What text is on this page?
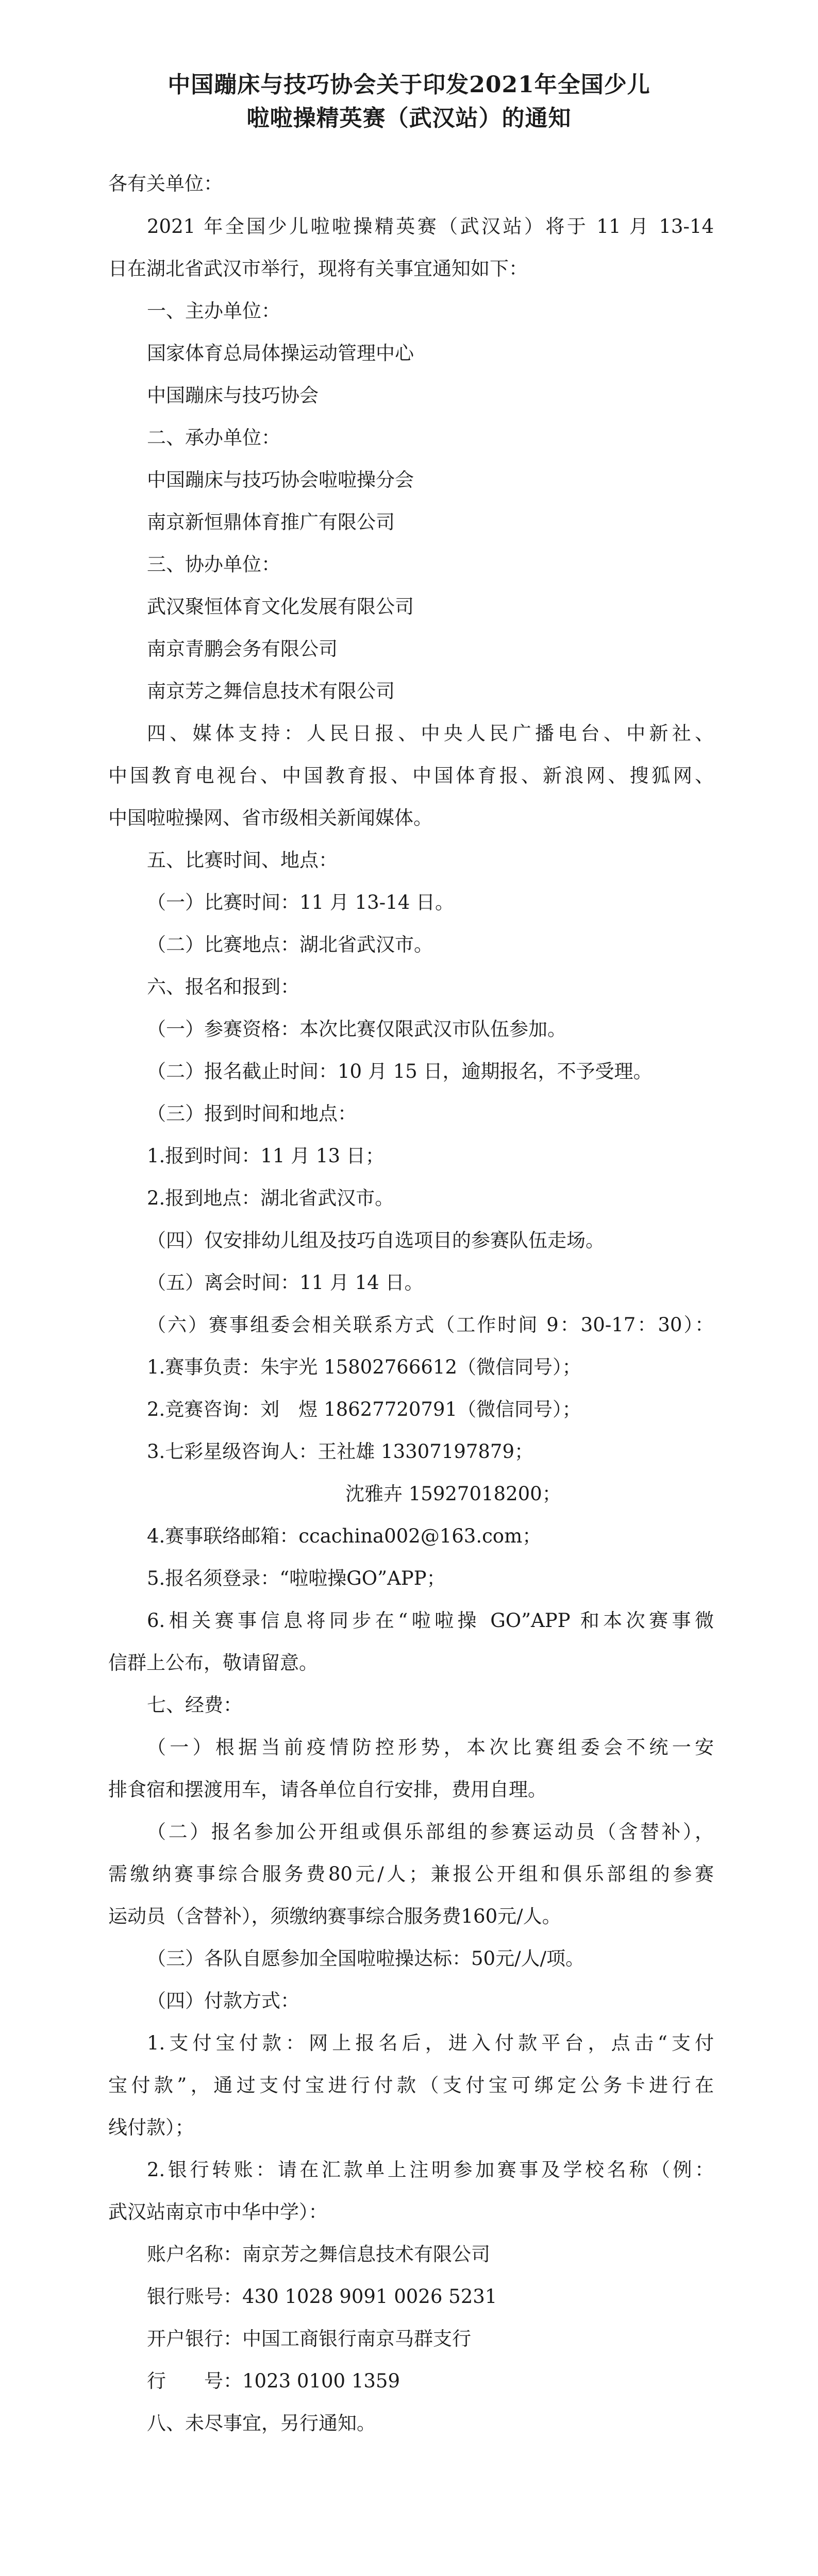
中国蹦床与技巧协会关于印发2021年全国少儿
啦啦操精英赛（武汉站）的通知
各有关单位：
2021 年全国少儿啦啦操精英赛（武汉站）将于 11 月 13-14
日在湖北省武汉市举行，现将有关事宜通知如下：
一、主办单位：
国家体育总局体操运动管理中心
中国蹦床与技巧协会
二、承办单位：
中国蹦床与技巧协会啦啦操分会
南京新恒鼎体育推广有限公司
三、协办单位：
武汉聚恒体育文化发展有限公司
南京青鹏会务有限公司
南京芳之舞信息技术有限公司
四、媒体支持：人民日报、中央人民广播电台、中新社、
中国教育电视台、中国教育报、中国体育报、新浪网、搜狐网、
中国啦啦操网、省市级相关新闻媒体。
五、比赛时间、地点：
（一）比赛时间：11 月 13-14 日。
（二）比赛地点：湖北省武汉市。
六、报名和报到：
（一）参赛资格：本次比赛仅限武汉市队伍参加。
（二）报名截止时间：10 月 15 日，逾期报名，不予受理。
（三）报到时间和地点：
1.报到时间：11 月 13 日；
2.报到地点：湖北省武汉市。
（四）仅安排幼儿组及技巧自选项目的参赛队伍走场。
（五）离会时间：11 月 14 日。
（六）赛事组委会相关联系方式（工作时间 9：30-17：30）：
1.赛事负责：朱宇光 15802766612（微信同号）；
2.竞赛咨询：刘　煜 18627720791（微信同号）；
3.七彩星级咨询人：王社雄 13307197879；
沈雅卉 15927018200；
4.赛事联络邮箱：ccachina002@163.com；
5.报名须登录：“啦啦操GO”APP；
6.相关赛事信息将同步在“啦啦操 GO”APP 和本次赛事微
信群上公布，敬请留意。
七、经费：
（一）根据当前疫情防控形势，本次比赛组委会不统一安
排食宿和摆渡用车，请各单位自行安排，费用自理。
（二）报名参加公开组或俱乐部组的参赛运动员（含替补），
需缴纳赛事综合服务费80元/人；兼报公开组和俱乐部组的参赛
运动员（含替补），须缴纳赛事综合服务费160元/人。
（三）各队自愿参加全国啦啦操达标：50元/人/项。
（四）付款方式：
1.支付宝付款：网上报名后，进入付款平台，点击“支付
宝付款”，通过支付宝进行付款（支付宝可绑定公务卡进行在
线付款）；
2.银行转账：请在汇款单上注明参加赛事及学校名称（例：
武汉站南京市中华中学）：
账户名称：南京芳之舞信息技术有限公司
银行账号：430 1028 9091 0026 5231
开户银行：中国工商银行南京马群支行
行　　号：1023 0100 1359
八、未尽事宜，另行通知。
